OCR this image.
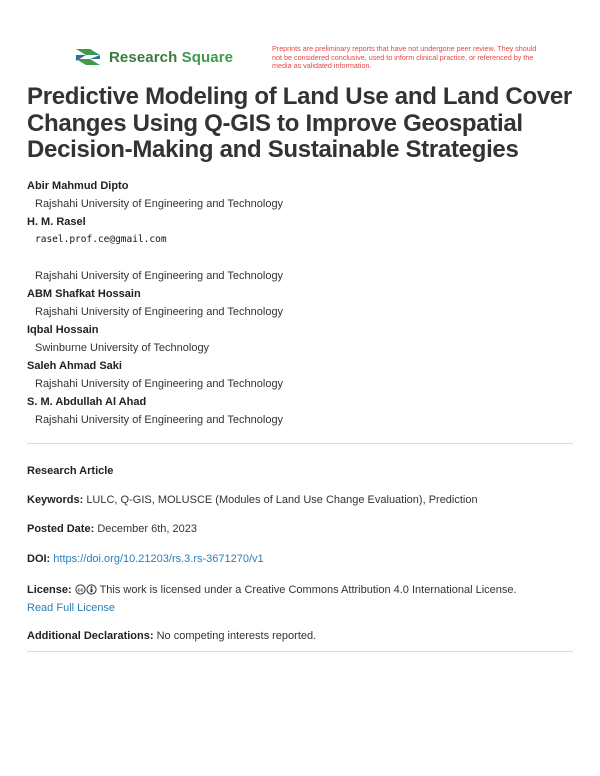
Research Square	Preprints are preliminary reports that have not undergone peer review. They should not be considered conclusive, used to inform clinical practice, or referenced by the media as validated information.
Predictive Modeling of Land Use and Land Cover Changes Using Q-GIS to Improve Geospatial Decision-Making and Sustainable Strategies
Abir Mahmud Dipto
Rajshahi University of Engineering and Technology
H. M. Rasel
rasel.prof.ce@gmail.com
Rajshahi University of Engineering and Technology
ABM Shafkat Hossain
Rajshahi University of Engineering and Technology
Iqbal Hossain
Swinburne University of Technology
Saleh Ahmad Saki
Rajshahi University of Engineering and Technology
S. M. Abdullah Al Ahad
Rajshahi University of Engineering and Technology
Research Article
Keywords: LULC, Q-GIS, MOLUSCE (Modules of Land Use Change Evaluation), Prediction
Posted Date: December 6th, 2023
DOI: https://doi.org/10.21203/rs.3.rs-3671270/v1
License: cc This work is licensed under a Creative Commons Attribution 4.0 International License.
Read Full License
Additional Declarations: No competing interests reported.
